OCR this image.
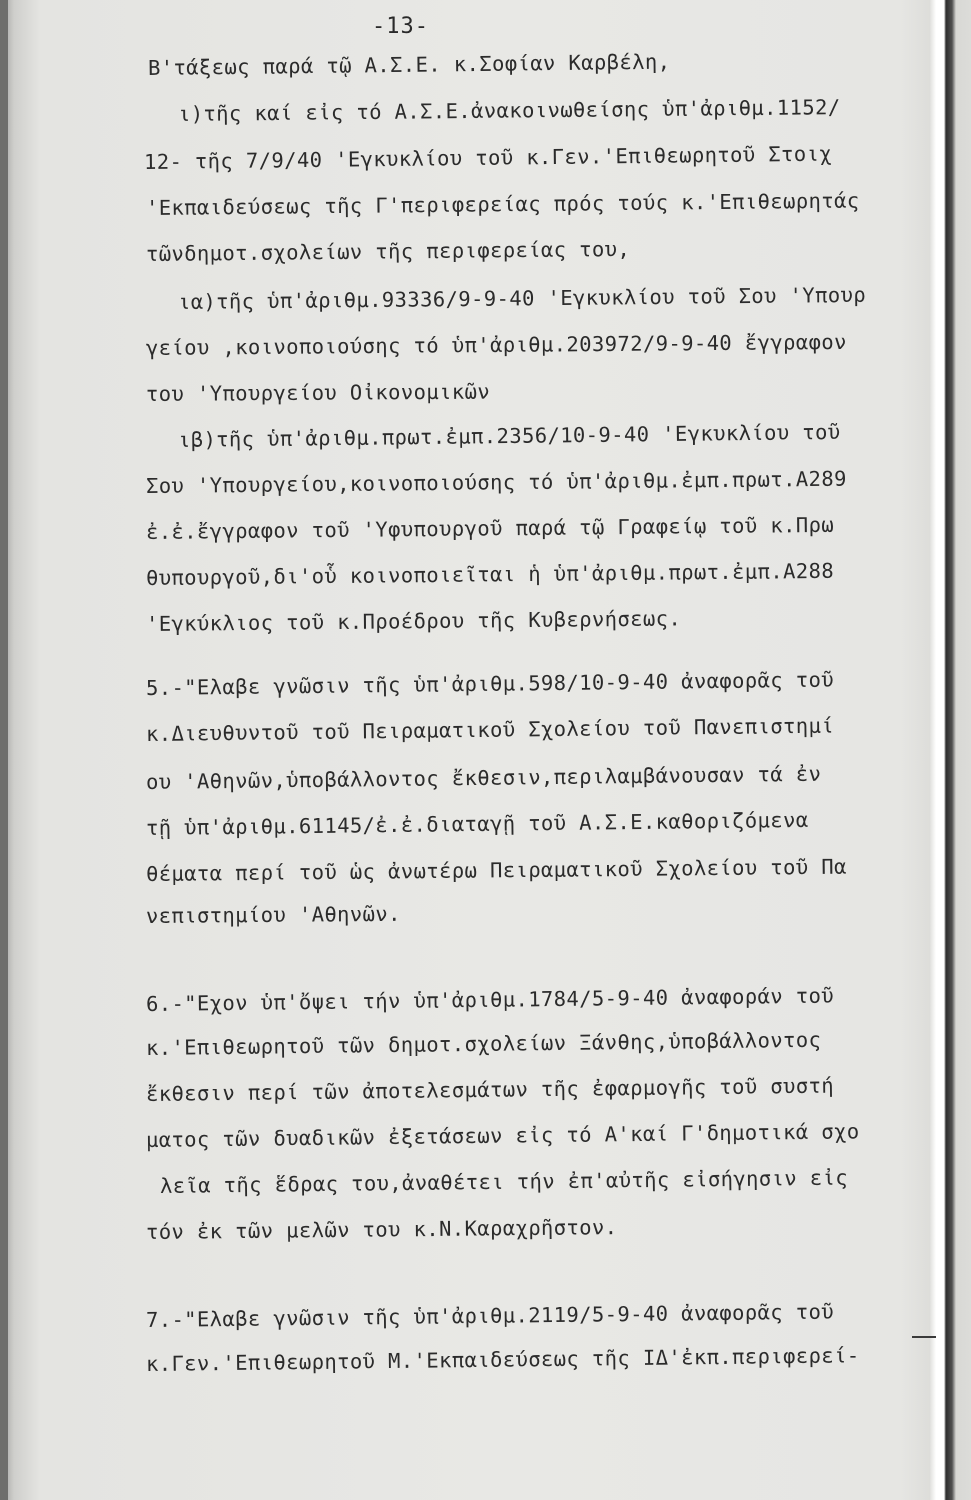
-13-
Β'τάξεως παρά τῷ Α.Σ.Ε. κ.Σοφίαν Καρβέλη,
ι)τῆς καί εἰς τό Α.Σ.Ε.ἀνακοινωθείσης ὑπ'ἀριθμ.1152/
12- τῆς 7/9/40 'Εγκυκλίου τοῦ κ.Γεν.'Επιθεωρητοῦ Στοιχ
'Εκπαιδεύσεως τῆς Γ'περιφερείας πρός τούς κ.'Επιθεωρητάς
τῶνδημοτ.σχολείων τῆς περιφερείας του,
ια)τῆς ὑπ'ἀριθμ.93336/9-9-40 'Εγκυκλίου τοῦ Σου 'Υπουρ
γείου ,κοινοποιούσης τό ὑπ'ἀριθμ.203972/9-9-40 ἔγγραφον
του 'Υπουργείου Οἰκονομικῶν
ιβ)τῆς ὑπ'ἀριθμ.πρωτ.ἐμπ.2356/10-9-40 'Εγκυκλίου τοῦ
Σου 'Υπουργείου,κοινοποιούσης τό ὑπ'ἀριθμ.ἐμπ.πρωτ.Α289
ἐ.ἐ.ἔγγραφον τοῦ 'Υφυπουργοῦ παρά τῷ Γραφείῳ τοῦ κ.Πρω
θυπουργοῦ,δι'οὗ κοινοποιεῖται ἡ ὑπ'ἀριθμ.πρωτ.ἐμπ.Α288
'Εγκύκλιος τοῦ κ.Προέδρου τῆς Κυβερνήσεως.
5.-"Ελαβε γνῶσιν τῆς ὑπ'ἀριθμ.598/10-9-40 ἀναφορᾶς τοῦ
κ.Διευθυντοῦ τοῦ Πειραματικοῦ Σχολείου τοῦ Πανεπιστημί
ου 'Αθηνῶν,ὑποβάλλοντος ἔκθεσιν,περιλαμβάνουσαν τά ἐν
τῇ ὑπ'ἀριθμ.61145/ἐ.ἐ.διαταγῇ τοῦ Α.Σ.Ε.καθοριζόμενα
θέματα περί τοῦ ὡς ἀνωτέρω Πειραματικοῦ Σχολείου τοῦ Πα
νεπιστημίου 'Αθηνῶν.
6.-"Εχον ὑπ'ὄψει τήν ὑπ'ἀριθμ.1784/5-9-40 ἀναφοράν τοῦ
κ.'Επιθεωρητοῦ τῶν δημοτ.σχολείων Ξάνθης,ὑποβάλλοντος
ἔκθεσιν περί τῶν ἀποτελεσμάτων τῆς ἐφαρμογῆς τοῦ συστή
ματος τῶν δυαδικῶν ἐξετάσεων εἰς τό Α'καί Γ'δημοτικά σχο
λεῖα τῆς ἕδρας του,ἀναθέτει τήν ἐπ'αὐτῆς εἰσήγησιν εἰς
τόν ἐκ τῶν μελῶν του κ.Ν.Καραχρῆστον.
7.-"Ελαβε γνῶσιν τῆς ὑπ'ἀριθμ.2119/5-9-40 ἀναφορᾶς τοῦ
κ.Γεν.'Επιθεωρητοῦ Μ.'Εκπαιδεύσεως τῆς ΙΔ'ἐκπ.περιφερεί-
